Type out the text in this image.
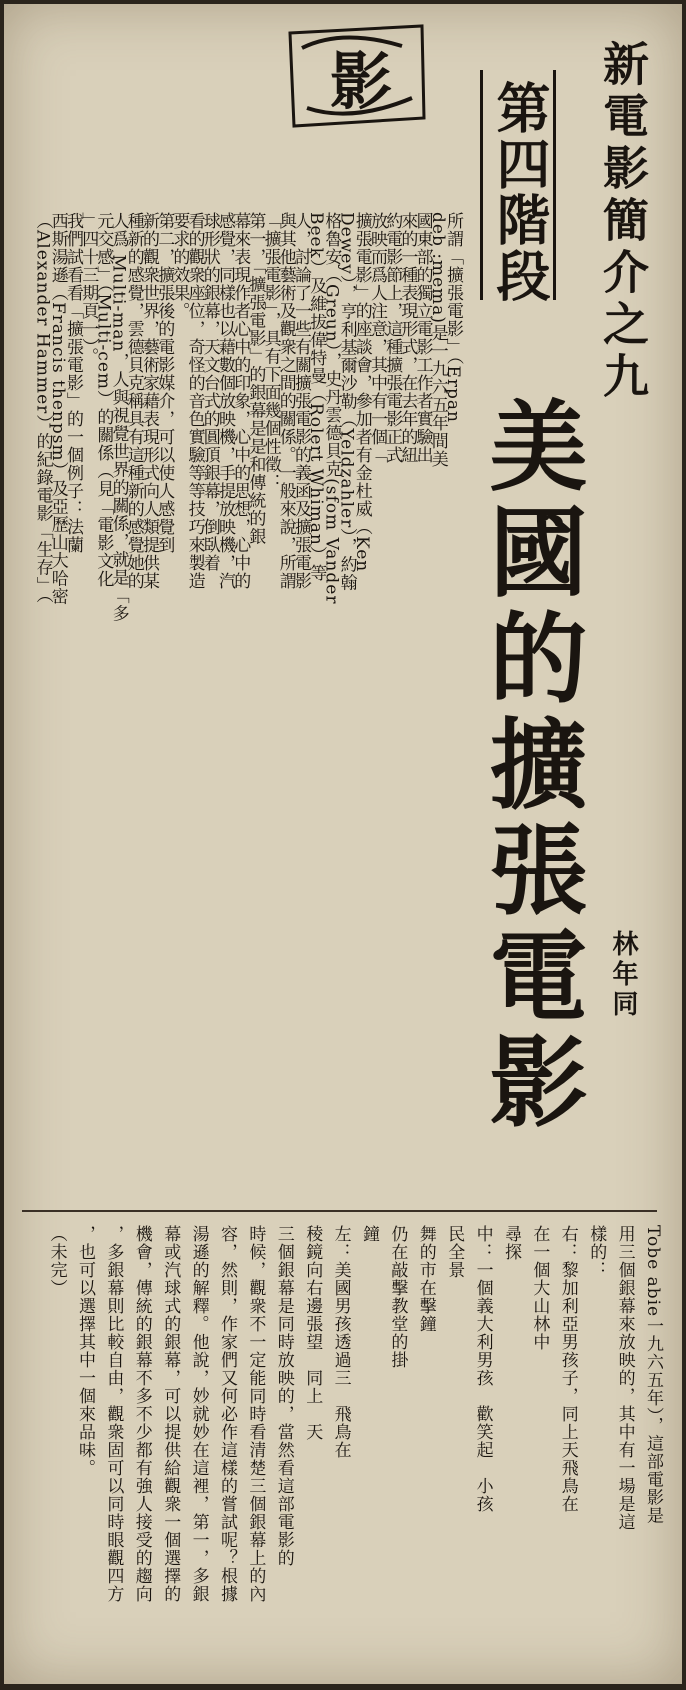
新電影簡介之九
第四階段
美國的擴張電影 林年同
影
所謂「擴張電影」（Erpan
deb :mema)是一九六五年間美
國東部的獨立電影工作者實驗出
來的一種表現形式，在去年的紐
約電影節上，這種擴張電影正式
放映而爲人注意，其中有一個「
擴張電影」的座談會，參加者有金杜威（Ken
Dewey），亨利基爾沙勒（Yeldzahler），約翰
格魯安（Greun），史丹雲德貝克(sfom Vander
Beek）及維拔偉特曼（Rolert Whiman）等
人，討論了一些有關擴張電影的義函及擴張電影
與其他藝術及觀衆之間的關係。一般來說，所謂
「擴張電影」，具有下面幾個性徵：
第一，「擴張電影」的銀幕是是和傳統的銀
幕來表現作者心中的印象，心中的思想，心中的
感覺，同樣也以藉數個放映機，手提放映機，汽
球形狀的銀幕，天文台式的圓頂銀幕，倒臥着
看的觀衆座位，奇怪的音色實驗等等技巧來製造
要求的效果。
第二，擴張後的電影媒介，可以使人感覺到
新的觀衆世界，藝術家藉表現形式向人類提供某
種新的感覺，雲德貝克稱具有這種新的感覺她的
人爲 Multi-man，人與視覺世界的關係，就是「多
元交感」（Multi-cem）的關係（見「電影文化
」四十三期頁一）。
我們試看看「擴張電影」的一個例子：法蘭
西斯湯遜（Francis thenpsm）及亞歷山大哈密
（Alexander Hammer）的紀錄電影「生存」（
Tobe abie一九六五年），這部電影是
用三個銀幕來放映的，其中有一場是這
樣的：
右：黎加利亞男孩子，同上天飛鳥在
在一個大山林中
尋探
中：一個義大利男孩　歡笑起　小孩
民全景
舞的市在擊鐘
仍在敲擊教堂的掛
鐘
左：美國男孩透過三　飛鳥在
稜鏡向右邊張望　同上　天
三個銀幕是同時放映的，當然看這部電影的
時候，觀衆不一定能同時看清楚三個銀幕上的內
容，然則，作家們又何必作這樣的嘗試呢？根據
湯遜的解釋。他說，妙就妙在這裡，第一，多銀
幕或汽球式的銀幕，可以提供給觀衆一個選擇的
機會，傳統的銀幕不多不少都有強人接受的趨向
，多銀幕則比較自由，觀衆固可以同時眼觀四方
，也可以選擇其中一個來品味。
（未完）
